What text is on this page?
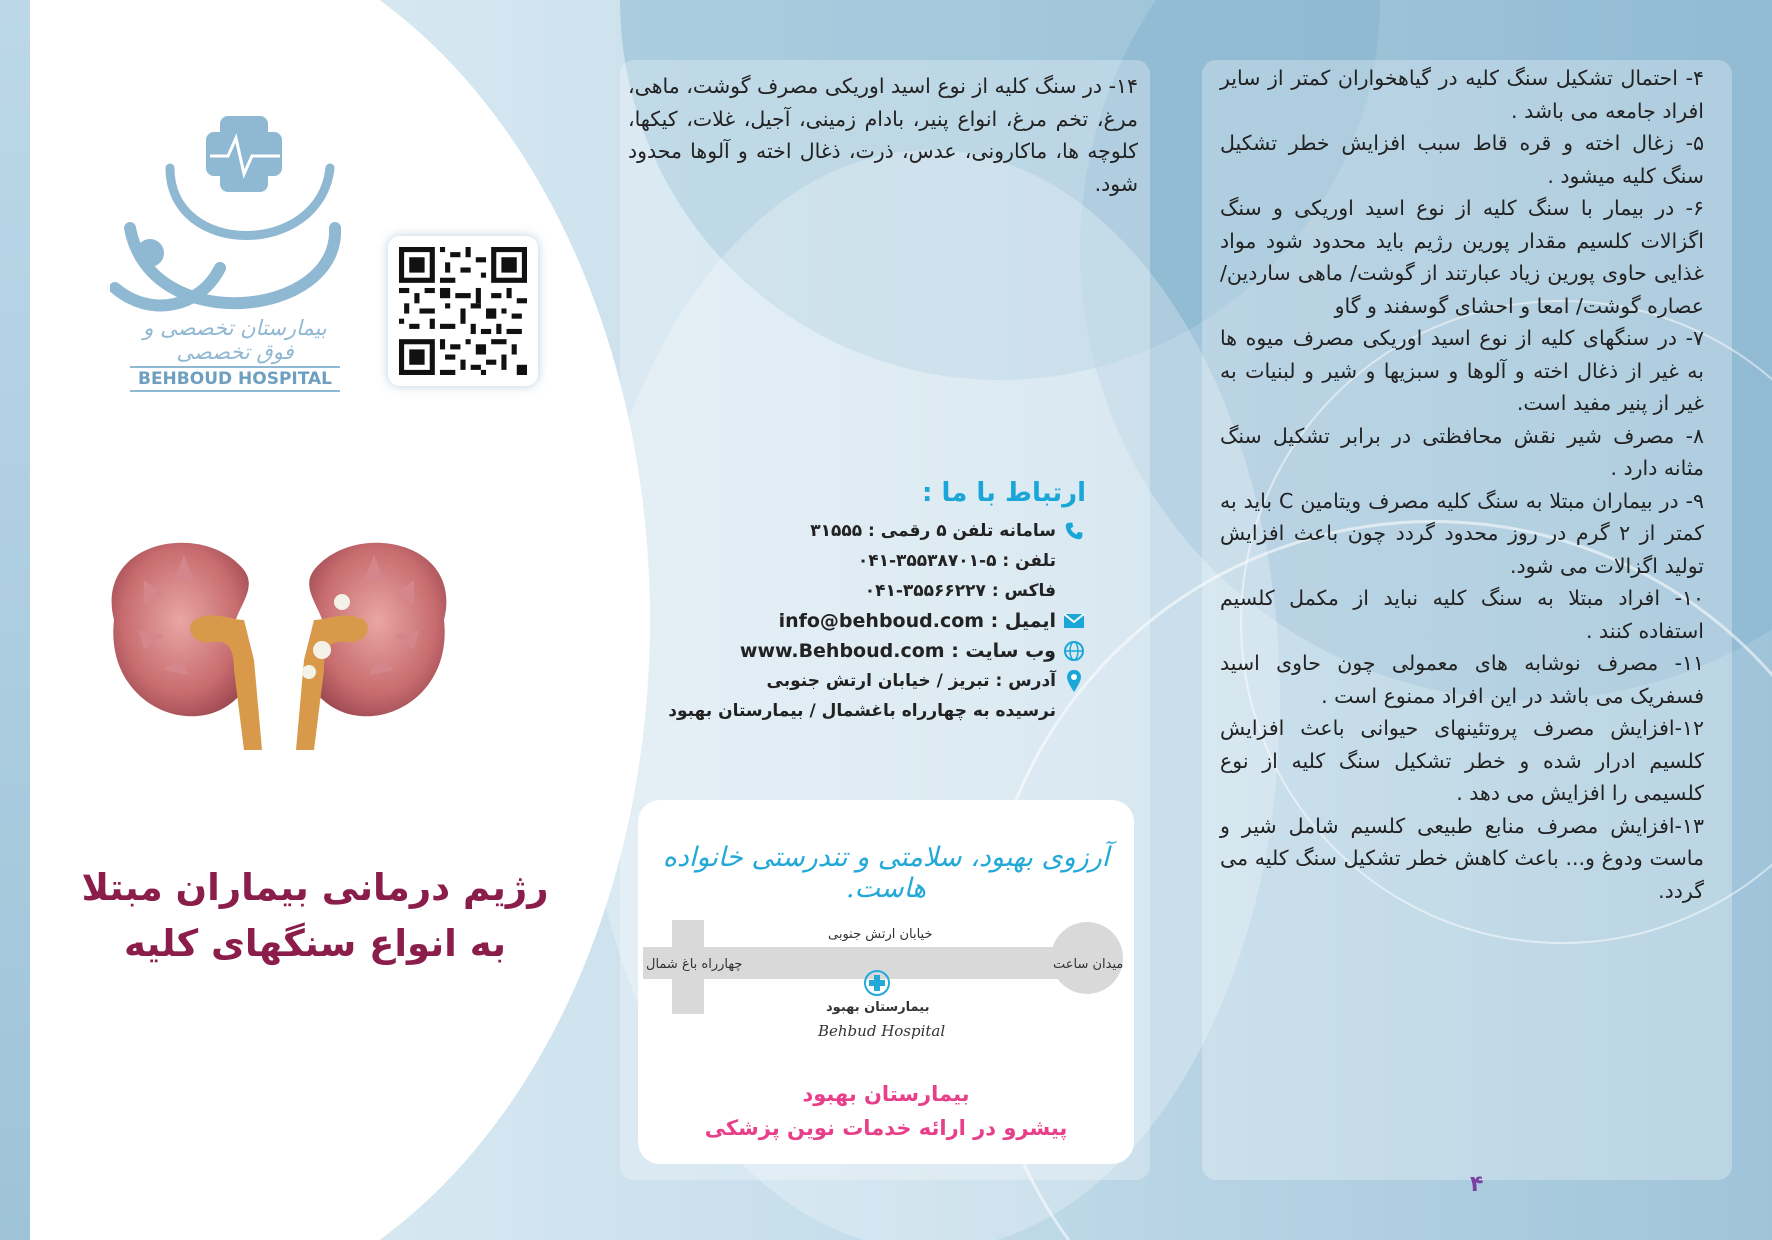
بیمارستان تخصصی و فوق تخصصی
BEHBOUD HOSPITAL
رژیم درمانی بیماران مبتلا
به انواع سنگهای کلیه

۱۴- در سنگ کلیه از نوع اسید اوریکی مصرف گوشت، ماهی، مرغ، تخم مرغ، انواع پنیر، بادام زمینی، آجیل، غلات، کیکها، کلوچه ها، ماکارونی، عدس، ذرت، ذغال اخته و آلوها محدود شود.

ارتباط با ما :
سامانه تلفن ۵ رقمی : ۳۱۵۵۵
تلفن : ۵-۳۵۵۳۸۷۰۱-۰۴۱
فاکس : ۳۵۵۶۶۲۲۷-۰۴۱
ایمیل : info@behboud.com
وب سایت : www.Behboud.com
آدرس : تبریز / خیابان ارتش جنوبی
نرسیده به چهارراه باغشمال / بیمارستان بهبود
آرزوی بهبود، سلامتی و تندرستی خانواده هاست.
خیابان ارتش جنوبی
میدان ساعت
چهارراه باغ شمال
بیمارستان بهبود
Behbud Hospital
بیمارستان بهبود
پیشرو در ارائه خدمات نوین پزشکی

۴- احتمال تشکیل سنگ کلیه در گیاهخواران کمتر از سایر افراد جامعه می باشد .

۵- زغال اخته و قره قاط سبب افزایش خطر تشکیل سنگ کلیه میشود .

۶- در بیمار با سنگ کلیه از نوع اسید اوریکی و سنگ اگزالات کلسیم مقدار پورین رژیم باید محدود شود مواد غذایی حاوی پورین زیاد عبارتند از گوشت/ ماهی ساردین/عصاره گوشت/ امعا و احشای گوسفند و گاو

۷- در سنگهای کلیه از نوع اسید اوریکی مصرف میوه ها به غیر از ذغال اخته و آلوها و سبزیها و شیر و لبنیات به غیر از پنیر مفید است.

۸- مصرف شیر نقش محافظتی در برابر تشکیل سنگ مثانه دارد .

۹- در بیماران مبتلا به سنگ کلیه مصرف ویتامین C باید به کمتر از ۲ گرم در روز محدود گردد چون باعث افزایش تولید اگزالات می شود.

۱۰- افراد مبتلا به سنگ کلیه نباید از مکمل کلسیم استفاده کنند .

۱۱- مصرف نوشابه های معمولی چون حاوی اسید فسفریک می باشد در این افراد ممنوع است .

۱۲-افزایش مصرف پروتئینهای حیوانی باعث افزایش کلسیم ادرار شده و خطر تشکیل سنگ کلیه از نوع کلسیمی را افزایش می دهد .

۱۳-افزایش مصرف منابع طبیعی کلسیم شامل شیر و ماست ودوغ و... باعث کاهش خطر تشکیل سنگ کلیه می گردد.

۴
